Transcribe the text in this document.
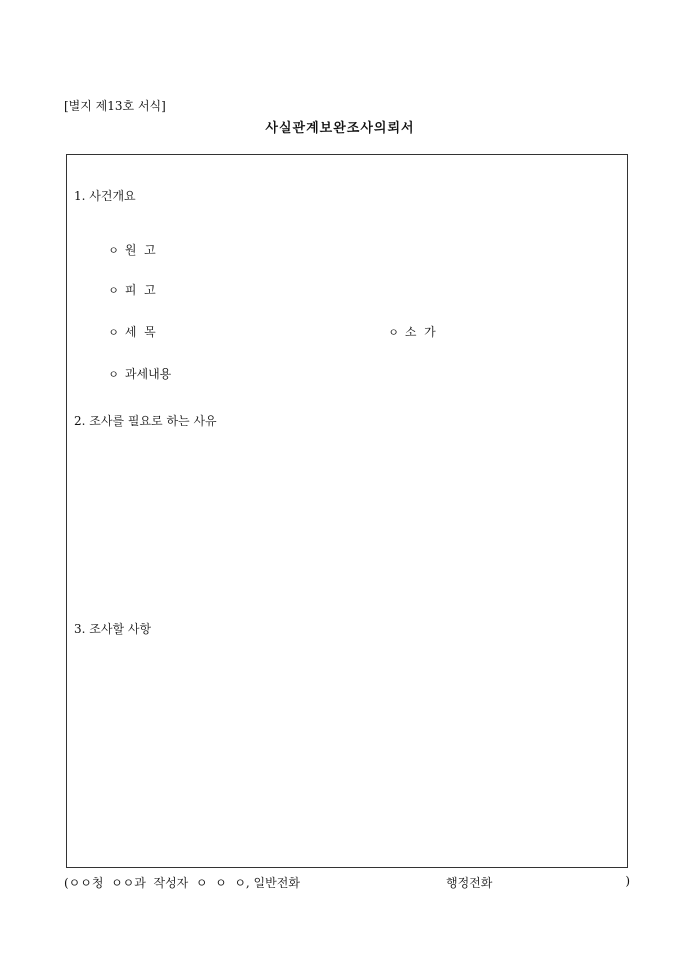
[별지 제13호 서식]
사실관계보완조사의뢰서
1. 사건개요

ㅇ 원  고

ㅇ 피  고

ㅇ 세  목
	ㅇ 소  가

ㅇ 과세내용

2. 조사를 필요로 하는 사유
3. 조사할 사항
(ㅇㅇ청  ㅇㅇ과  작성자  ㅇ  ㅇ  ㅇ, 일반전화	행정전화	)
